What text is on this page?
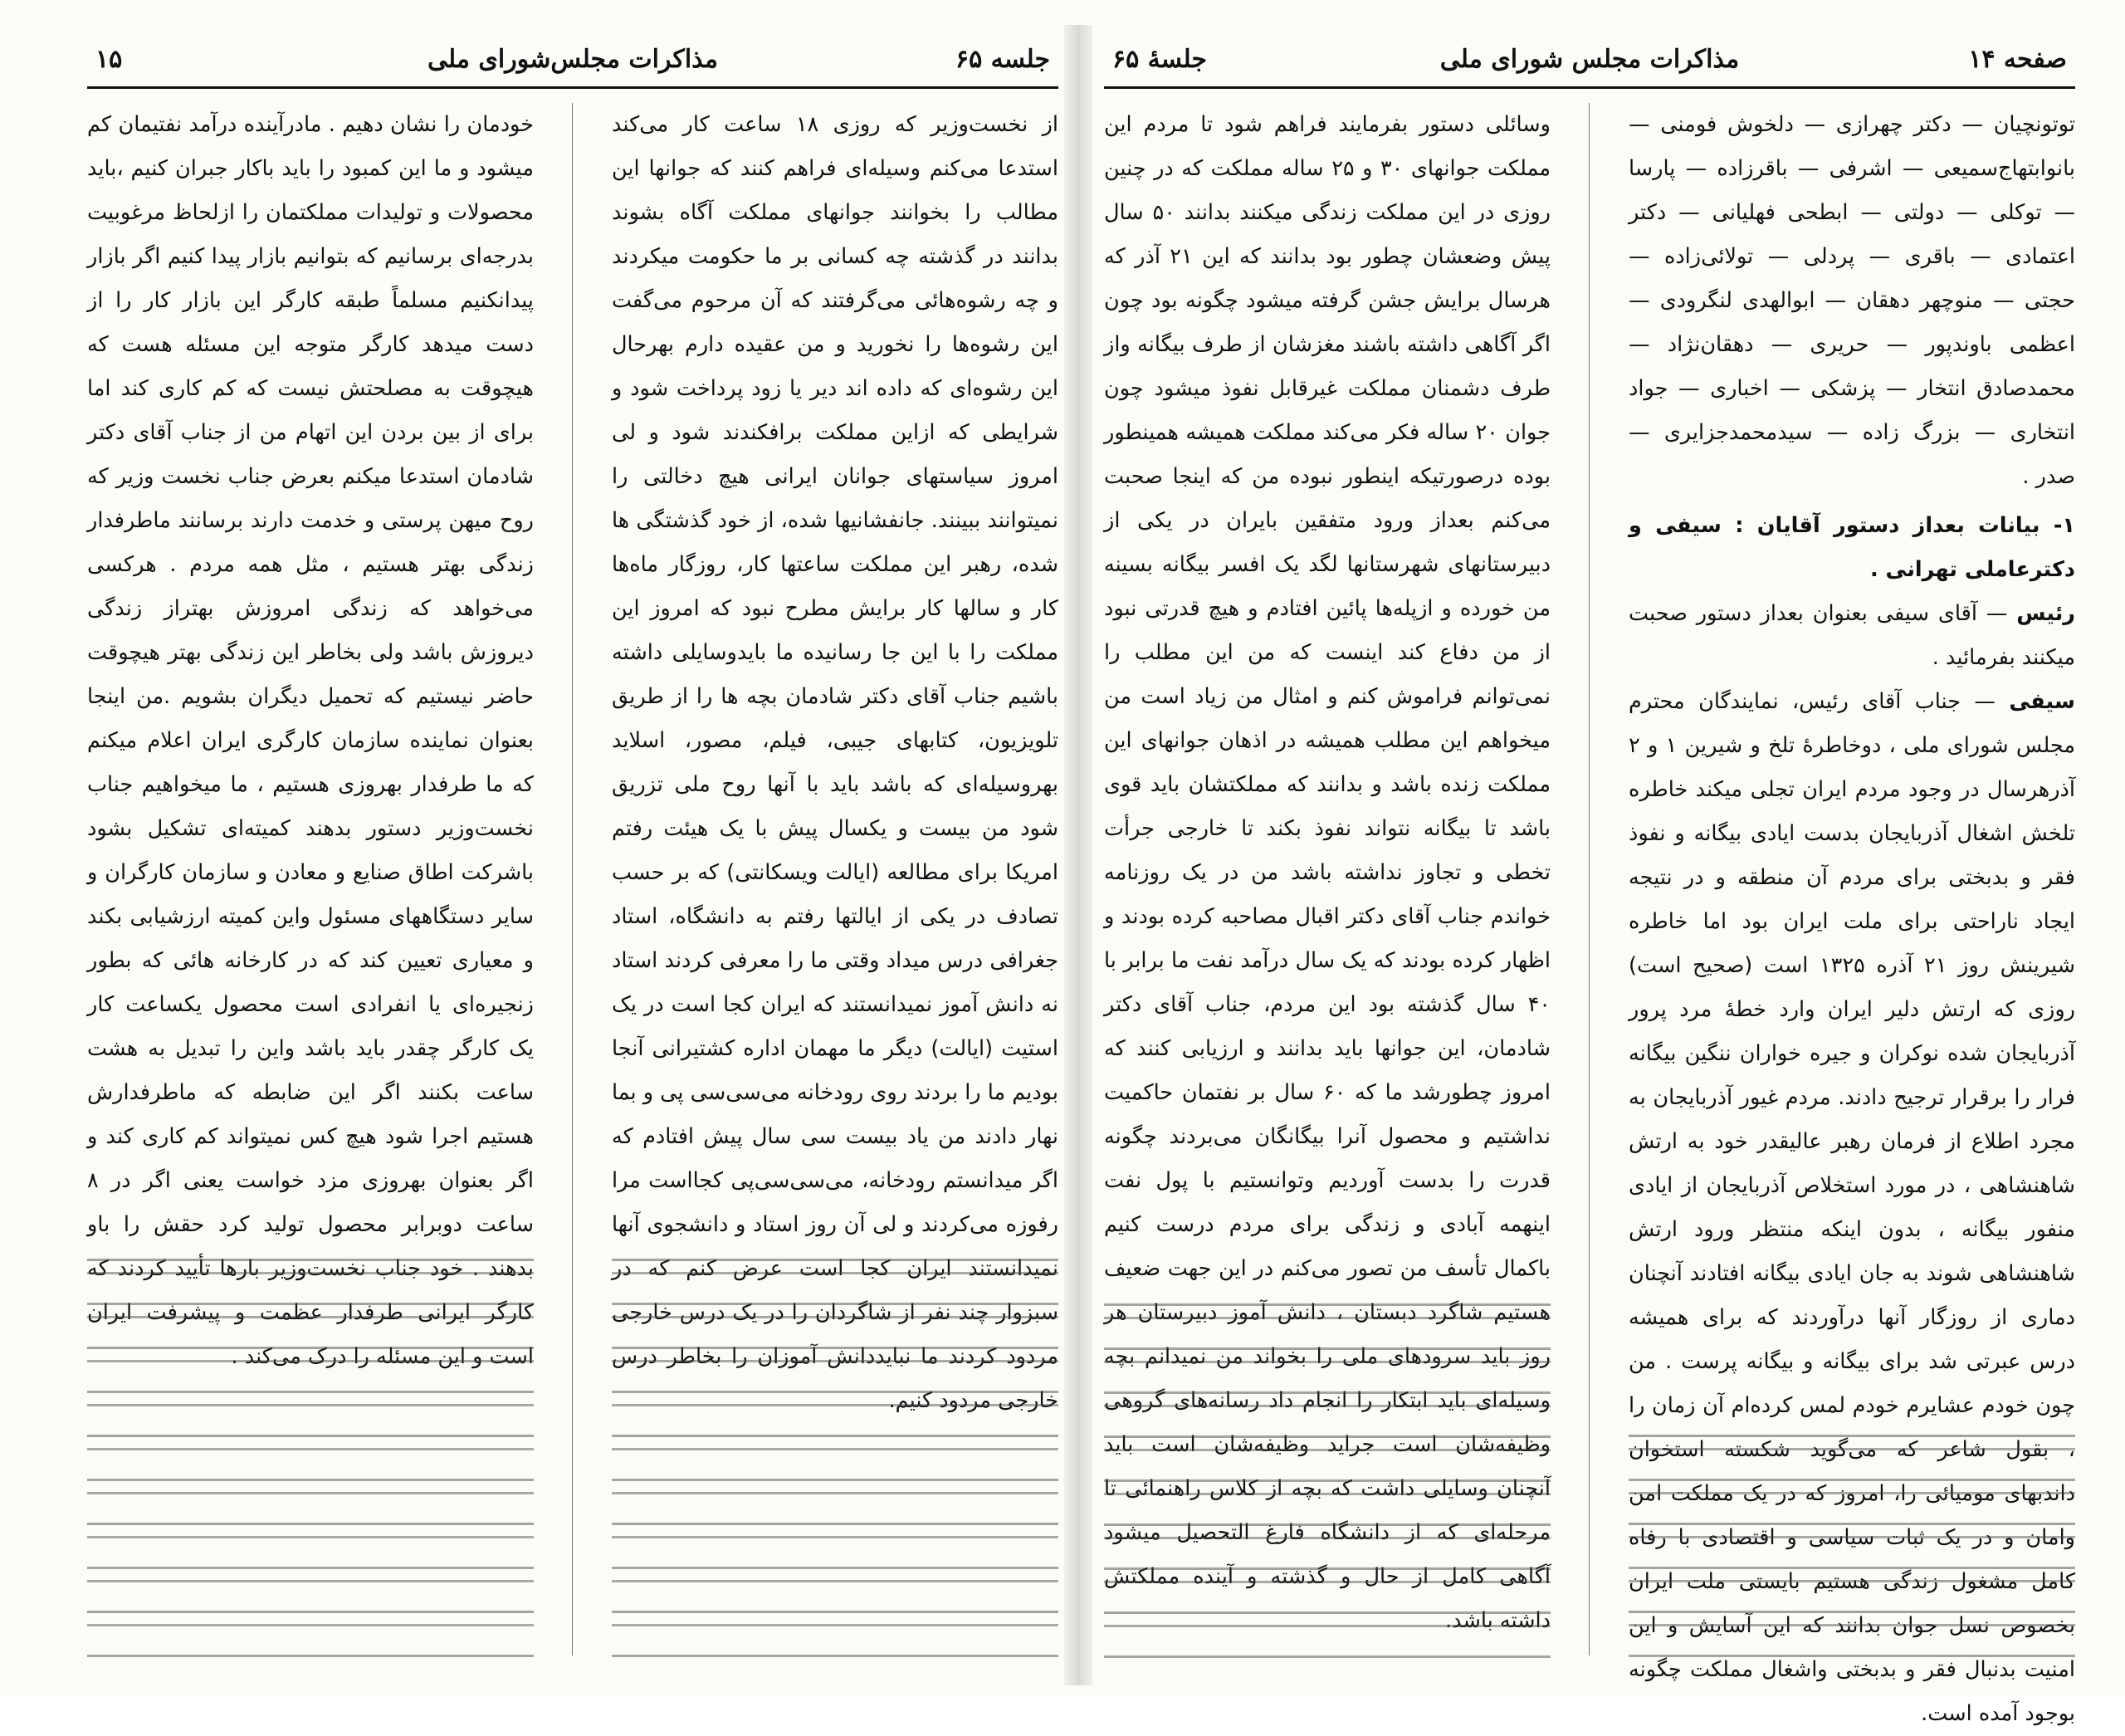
جلسه ۶۵
مذاکرات مجلس‌شورای ملی
۱۵

از نخست‌وزیر که روزی ۱۸ ساعت کار می‌کند استدعا می‌کنم وسیله‌ای فراهم کنند که جوانها این مطالب را بخوانند جوانهای مملکت آگاه بشوند بدانند در گذشته چه کسانی بر ما حکومت میکردند و چه رشوه‌هائی می‌گرفتند که آن مرحوم می‌گفت این رشوه‌ها را نخورید و من عقیده دارم بهرحال این رشوه‌ای که داده اند دیر یا زود پرداخت شود و شرایطی که ازاین مملکت برافکندند شود و لی امروز سیاستهای جوانان ایرانی هیچ دخالتی را نمیتوانند ببینند. جانفشانیها شده، از خود گذشتگی ها شده، رهبر این مملکت ساعتها کار، روزگار ماه‌ها کار و سالها کار برایش مطرح نبود که امروز این مملکت را با این جا رسانیده ما بایدوسایلی داشته باشیم جناب آقای دکتر شادمان بچه ها را از طریق تلویزیون، کتابهای جیبی، فیلم، مصور، اسلاید بهروسیله‌ای که باشد باید با آنها روح ملی تزریق شود من بیست و یکسال پیش با یک هیئت رفتم امریکا برای مطالعه (ایالت ویسکانتی) که بر حسب تصادف در یکی از ایالتها رفتم به دانشگاه، استاد جغرافی درس میداد وقتی ما را معرفی کردند استاد نه دانش آموز نمیدانستند که ایران کجا است در یک استیت (ایالت) دیگر ما مهمان اداره کشتیرانی آنجا بودیم ما را بردند روی رودخانه می‌سی‌سی پی و بما نهار دادند من یاد بیست سی سال پیش افتادم که اگر میدانستم رودخانه، می‌سی‌سی‌پی کجااست مرا رفوزه می‌کردند و لی آن روز استاد و دانشجوی آنها نمیدانستند ایران کجا است عرض کنم که در سبزوار چند نفر از شاگردان را در یک درس خارجی مردود کردند ما نبایددانش آموزان را بخاطر درس خارجی مردود کنیم.

خودمان را نشان دهیم . مادرآینده درآمد نفتیمان کم میشود و ما این کمبود را باید باکار جبران کنیم ،باید محصولات و تولیدات مملکتمان را ازلحاظ مرغوبیت بدرجه‌ای برسانیم که بتوانیم بازار پیدا کنیم اگر بازار پیدانکنیم مسلماً طبقه کارگر این بازار کار را از دست میدهد کارگر متوجه این مسئله هست که هیچوقت به مصلحتش نیست که کم کاری کند اما برای از بین بردن این اتهام من از جناب آقای دکتر شادمان استدعا میکنم بعرض جناب نخست وزیر که روح میهن پرستی و خدمت دارند برسانند ماطرفدار زندگی بهتر هستیم ، مثل همه مردم . هرکسی می‌خواهد که زندگی امروزش بهتراز زندگی دیروزش باشد ولی بخاطر این زندگی بهتر هیچوقت حاضر نیستیم که تحمیل دیگران بشویم .من اینجا بعنوان نماینده سازمان کارگری ایران اعلام میکنم که ما طرفدار بهروزی هستیم ، ما میخواهیم جناب نخست‌وزیر دستور بدهند کمیته‌ای تشکیل بشود باشرکت اطاق صنایع و معادن و سازمان کارگران و سایر دستگاههای مسئول واین کمیته ارزشیابی بکند و معیاری تعیین کند که در کارخانه هائی که بطور زنجیره‌ای یا انفرادی است محصول یکساعت کار یک کارگر چقدر باید باشد واین را تبدیل به هشت ساعت بکنند اگر این ضابطه که ماطرفدارش هستیم اجرا شود هیچ کس نمیتواند کم کاری کند و اگر بعنوان بهروزی مزد خواست یعنی اگر در ۸ ساعت دوبرابر محصول تولید کرد حقش را باو بدهند . خود جناب نخست‌وزیر بارها تأیید کردند که کارگر ایرانی طرفدار عظمت و پیشرفت ایران است و این مسئله را درک می‌کند .

صفحه ۱۴
مذاکرات مجلس شورای ملی
جلسهٔ ۶۵

توتونچیان — دکتر چهرازی — دلخوش فومنی — بانوابتهاج‌سمیعی — اشرفی — باقرزاده — پارسا — توکلی — دولتی — ابطحی فهلیانی — دکتر اعتمادی — باقری — پردلی — تولائی‌زاده — حجتی — منوچهر دهقان — ابوالهدی لنگرودی — اعظمی باوندپور — حریری — دهقان‌نژاد — محمدصادق انتخار — پزشکی — اخباری — جواد انتخاری — بزرگ زاده — سیدمحمدجزایری — صدر .

۱- بیانات بعداز دستور آقایان : سیفی و دکترعاملی تهرانی .

رئیس — آقای سیفی بعنوان بعداز دستور صحبت میکنند بفرمائید .

سیفی — جناب آقای رئیس، نمایندگان محترم مجلس شورای ملی ، دوخاطرهٔ تلخ و شیرین ۱ و ۲ آذرهرسال در وجود مردم ایران تجلی میکند خاطره تلخش اشغال آذربایجان بدست ایادی بیگانه و نفوذ فقر و بدبختی برای مردم آن منطقه و در نتیجه ایجاد ناراحتی برای ملت ایران بود اما خاطره شیرینش روز ۲۱ آذره ۱۳۲۵ است (صحیح است) روزی که ارتش دلیر ایران وارد خطهٔ مرد پرور آذربایجان شده نوکران و جیره خواران ننگین بیگانه فرار را برقرار ترجیح دادند. مردم غیور آذربایجان به مجرد اطلاع از فرمان رهبر عالیقدر خود به ارتش شاهنشاهی ، در مورد استخلاص آذربایجان از ایادی منفور بیگانه ، بدون اینکه منتظر ورود ارتش شاهنشاهی شوند به جان ایادی بیگانه افتادند آنچنان دماری از روزگار آنها درآوردند که برای همیشه درس عبرتی شد برای بیگانه و بیگانه پرست . من چون خودم عشایرم خودم لمس کرده‌ام آن زمان را ، بقول شاعر که می‌گوید شکسته استخوان داندبهای مومیائی را، امروز که در یک مملکت امن وامان و در یک ثبات سیاسی و اقتصادی با رفاه کامل مشغول زندگی هستیم بایستی ملت ایران بخصوص نسل جوان بدانند که این آسایش و این امنیت بدنبال فقر و بدبختی واشغال مملکت چگونه بوجود آمده است.

وسائلی دستور بفرمایند فراهم شود تا مردم این مملکت جوانهای ۳۰ و ۲۵ ساله مملکت که در چنین روزی در این مملکت زندگی میکنند بدانند ۵۰ سال پیش وضعشان چطور بود بدانند که این ۲۱ آذر که هرسال برایش جشن گرفته میشود چگونه بود چون اگر آگاهی داشته باشند مغزشان از طرف بیگانه واز طرف دشمنان مملکت غیرقابل نفوذ میشود چون جوان ۲۰ ساله فکر می‌کند مملکت همیشه همینطور بوده درصورتیکه اینطور نبوده من که اینجا صحبت می‌کنم بعداز ورود متفقین بایران در یکی از دبیرستانهای شهرستانها لگد یک افسر بیگانه بسینه من خورده و ازپله‌ها پائین افتادم و هیچ قدرتی نبود از من دفاع کند اینست که من این مطلب را نمی‌توانم فراموش کنم و امثال من زیاد است من میخواهم این مطلب همیشه در اذهان جوانهای این مملکت زنده باشد و بدانند که مملکتشان باید قوی باشد تا بیگانه نتواند نفوذ بکند تا خارجی جرأت تخطی و تجاوز نداشته باشد من در یک روزنامه خواندم جناب آقای دکتر اقبال مصاحبه کرده بودند و اظهار کرده بودند که یک سال درآمد نفت ما برابر با ۴۰ سال گذشته بود این مردم، جناب آقای دکتر شادمان، این جوانها باید بدانند و ارزیابی کنند که امروز چطورشد ما که ۶۰ سال بر نفتمان حاکمیت نداشتیم و محصول آنرا بیگانگان می‌بردند چگونه قدرت را بدست آوردیم وتوانستیم با پول نفت اینهمه آبادی و زندگی برای مردم درست کنیم باکمال تأسف من تصور می‌کنم در این جهت ضعیف هستیم شاگرد دبستان ، دانش آموز دبیرستان هر روز باید سرودهای ملی را بخواند من نمیدانم بچه وسیله‌ای باید ابتکار را انجام داد رسانه‌های گروهی وظیفه‌شان است جراید وظیفه‌شان است باید آنچنان وسایلی داشت که بچه از کلاس راهنمائی تا مرحله‌ای که از دانشگاه فارغ التحصیل میشود آگاهی کامل از حال و گذشته و آینده مملکتش داشته باشد.
